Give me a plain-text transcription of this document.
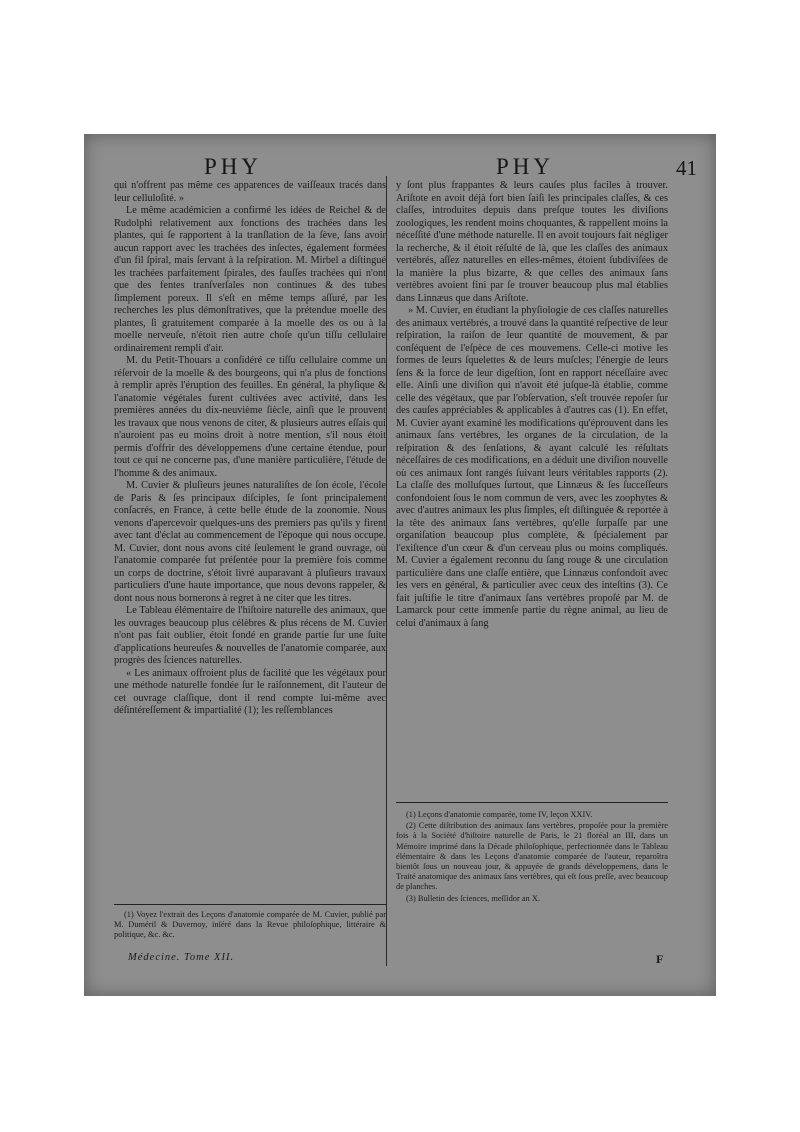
PHY	PHY	41

qui n'offrent pas même ces apparences de vaiſſeaux tracés dans leur celluloſité. »

Le même académicien a confirmé les idées de Reichel & de Rudolphi relativement aux fonctions des trachées dans les plantes, qui ſe rapportent à la tranſlation de la ſève, ſans avoir aucun rapport avec les trachées des inſectes, également formées d'un fil ſpiral, mais ſervant à la reſpiration. M. Mirbel a diſtingué les trachées parfaitement ſpirales, des fauſſes trachées qui n'ont que des fentes tranſverſales non continues & des tubes ſimplement poreux. Il s'eſt en même temps aſſuré, par les recherches les plus démonſtratives, que la prétendue moelle des plantes, ſi gratuitement comparée à la moelle des os ou à la moelle nerveuſe, n'étoit rien autre choſe qu'un tiſſu cellulaire ordinairement rempli d'air.

M. du Petit-Thouars a conſidéré ce tiſſu cellulaire comme un réſervoir de la moelle & des bourgeons, qui n'a plus de fonctions à remplir après l'éruption des feuilles. En général, la phyſique & l'anatomie végétales furent cultivées avec activité, dans les premières années du dix-neuvième ſiècle, ainſi que le prouvent les travaux que nous venons de citer, & plusieurs autres eſſais qui n'auroient pas eu moins droit à notre mention, s'il nous étoit permis d'offrir des développemens d'une certaine étendue, pour tout ce qui ne concerne pas, d'une manière particulière, l'étude de l'homme & des animaux.

M. Cuvier & pluſieurs jeunes naturaliſtes de ſon école, l'école de Paris & ſes principaux diſciples, ſe ſont principalement conſacrés, en France, à cette belle étude de la zoonomie. Nous venons d'apercevoir quelques-uns des premiers pas qu'ils y firent avec tant d'éclat au commencement de l'époque qui nous occupe. M. Cuvier, dont nous avons cité ſeulement le grand ouvrage, où l'anatomie comparée fut préſentée pour la première fois comme un corps de doctrine, s'étoit livré auparavant à pluſieurs travaux particuliers d'une haute importance, que nous devons rappeler, & dont nous nous bornerons à regret à ne citer que les titres.

Le Tableau élémentaire de l'hiſtoire naturelle des animaux, que les ouvrages beaucoup plus célèbres & plus récens de M. Cuvier n'ont pas fait oublier, étoit fondé en grande partie ſur une ſuite d'applications heureuſes & nouvelles de l'anatomie comparée, aux progrès des ſciences naturelles.

« Les animaux offroient plus de facilité que les végétaux pour une méthode naturelle fondée ſur le raiſonnement, dit l'auteur de cet ouvrage claſſique, dont il rend compte lui-même avec déſintéreſſement & impartialité (1); les reſſemblances

y ſont plus frappantes & leurs cauſes plus faciles à trouver. Ariſtote en avoit déjà fort bien ſaiſi les principales claſſes, & ces claſſes, introduites depuis dans preſque toutes les diviſions zoologiques, les rendent moins choquantes, & rappellent moins la néceſſité d'une méthode naturelle. Il en avoit toujours fait négliger la recherche, & il étoit réſulté de là, que les claſſes des animaux vertébrés, aſſez naturelles en elles-mêmes, étoient ſubdiviſées de la manière la plus bizarre, & que celles des animaux ſans vertèbres avoient fini par ſe trouver beaucoup plus mal établies dans Linnæus que dans Ariſtote.

» M. Cuvier, en étudiant la phyſiologie de ces claſſes naturelles des animaux vertébrés, a trouvé dans la quantité reſpective de leur reſpiration, la raiſon de leur quantité de mouvement, & par conſéquent de l'eſpèce de ces mouvemens. Celle-ci motive les formes de leurs ſquelettes & de leurs muſcles; l'énergie de leurs ſens & la force de leur digeſtion, ſont en rapport néceſſaire avec elle. Ainſi une diviſion qui n'avoit été juſque-là établie, comme celle des végétaux, que par l'obſervation, s'eſt trouvée repoſer ſur des cauſes appréciables & applicables à d'autres cas (1). En effet, M. Cuvier ayant examiné les modifications qu'éprouvent dans les animaux ſans vertèbres, les organes de la circulation, de la reſpiration & des ſenſations, & ayant calculé les réſultats néceſſaires de ces modifications, en a déduit une diviſion nouvelle où ces animaux ſont rangés ſuivant leurs véritables rapports (2). La claſſe des molluſques ſurtout, que Linnæus & ſes ſucceſſeurs confondoient ſous le nom commun de vers, avec les zoophytes & avec d'autres animaux les plus ſimples, eſt diſtinguée & reportée à la tête des animaux ſans vertèbres, qu'elle ſurpaſſe par une organiſation beaucoup plus complète, & ſpécialement par l'exiſtence d'un cœur & d'un cerveau plus ou moins compliqués. M. Cuvier a également reconnu du ſang rouge & une circulation particulière dans une claſſe entière, que Linnæus confondoit avec les vers en général, & particulier avec ceux des inteſtins (3). Ce fait juſtifie le titre d'animaux ſans vertèbres propoſé par M. de Lamarck pour cette immenſe partie du règne animal, au lieu de celui d'animaux à ſang

(1) Voyez l'extrait des Leçons d'anatomie comparée de M. Cuvier, publié par M. Duméril & Duvernoy, inſéré dans la Revue philoſophique, littéraire & politique, &c. &c.

(1) Leçons d'anatomie comparée, tome IV, leçon XXIV.

(2) Cette diſtribution des animaux ſans vertèbres, propoſée pour la première fois à la Société d'hiſtoire naturelle de Paris, le 21 floréal an III, dans un Mémoire imprimé dans la Décade philoſophique, perfectionnée dans le Tableau élémentaire & dans les Leçons d'anatomie comparée de l'auteur, reparoîtra bientôt ſous un nouveau jour, & appuyée de grands développemens, dans le Traité anatomique des animaux ſans vertèbres, qui eſt ſous preſſe, avec beaucoup de planches.

(3) Bulletin des ſciences, meſſidor an X.

Médecine. Tome XII.	F
